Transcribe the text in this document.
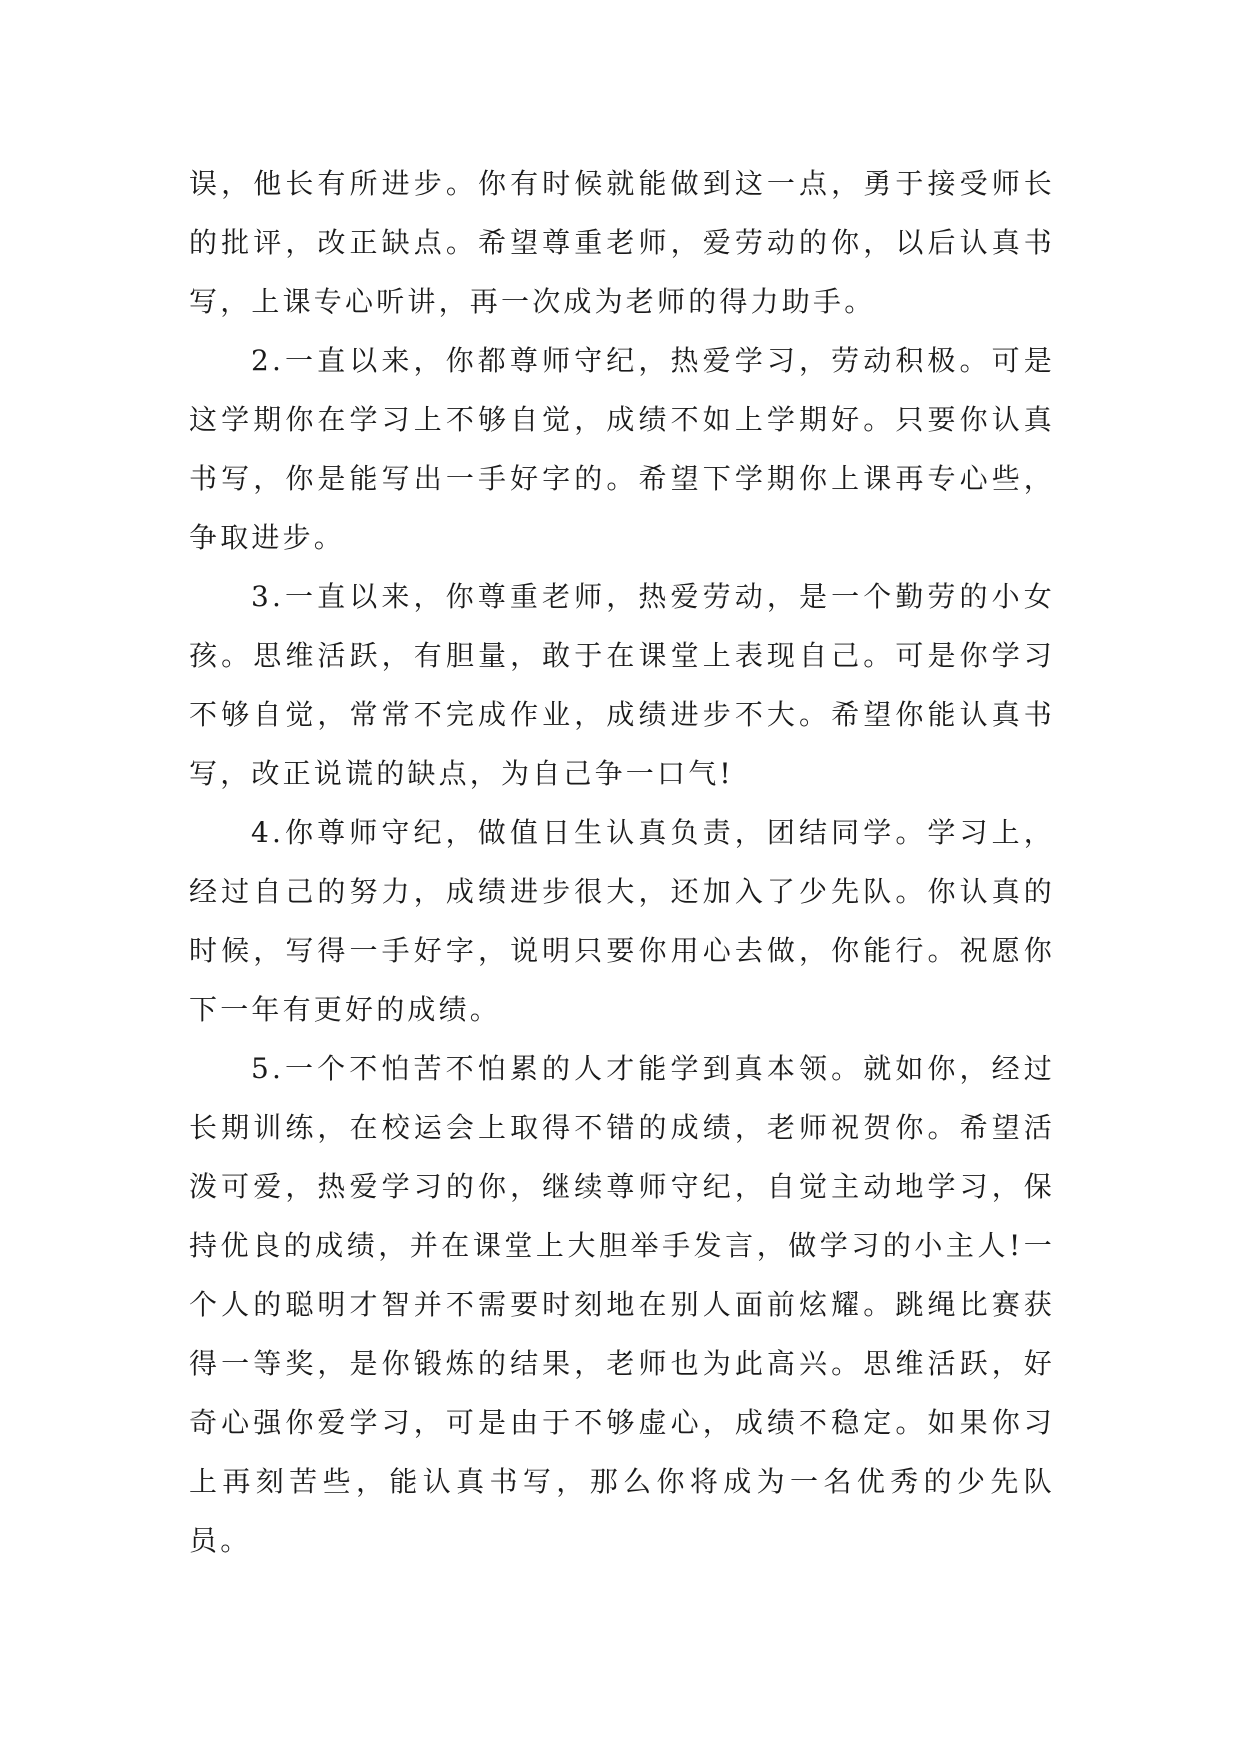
误，他长有所进步。你有时候就能做到这一点，勇于接受师长的批评，改正缺点。希望尊重老师，爱劳动的你，以后认真书写，上课专心听讲，再一次成为老师的得力助手。

2.一直以来，你都尊师守纪，热爱学习，劳动积极。可是这学期你在学习上不够自觉，成绩不如上学期好。只要你认真书写，你是能写出一手好字的。希望下学期你上课再专心些，争取进步。

3.一直以来，你尊重老师，热爱劳动，是一个勤劳的小女孩。思维活跃，有胆量，敢于在课堂上表现自己。可是你学习不够自觉，常常不完成作业，成绩进步不大。希望你能认真书写，改正说谎的缺点，为自己争一口气!

4.你尊师守纪，做值日生认真负责，团结同学。学习上，经过自己的努力，成绩进步很大，还加入了少先队。你认真的时候，写得一手好字，说明只要你用心去做，你能行。祝愿你下一年有更好的成绩。

5.一个不怕苦不怕累的人才能学到真本领。就如你，经过长期训练，在校运会上取得不错的成绩，老师祝贺你。希望活泼可爱，热爱学习的你，继续尊师守纪，自觉主动地学习，保持优良的成绩，并在课堂上大胆举手发言，做学习的小主人!一个人的聪明才智并不需要时刻地在别人面前炫耀。跳绳比赛获得一等奖，是你锻炼的结果，老师也为此高兴。思维活跃，好奇心强你爱学习，可是由于不够虚心，成绩不稳定。如果你习上再刻苦些，能认真书写，那么你将成为一名优秀的少先队员。
